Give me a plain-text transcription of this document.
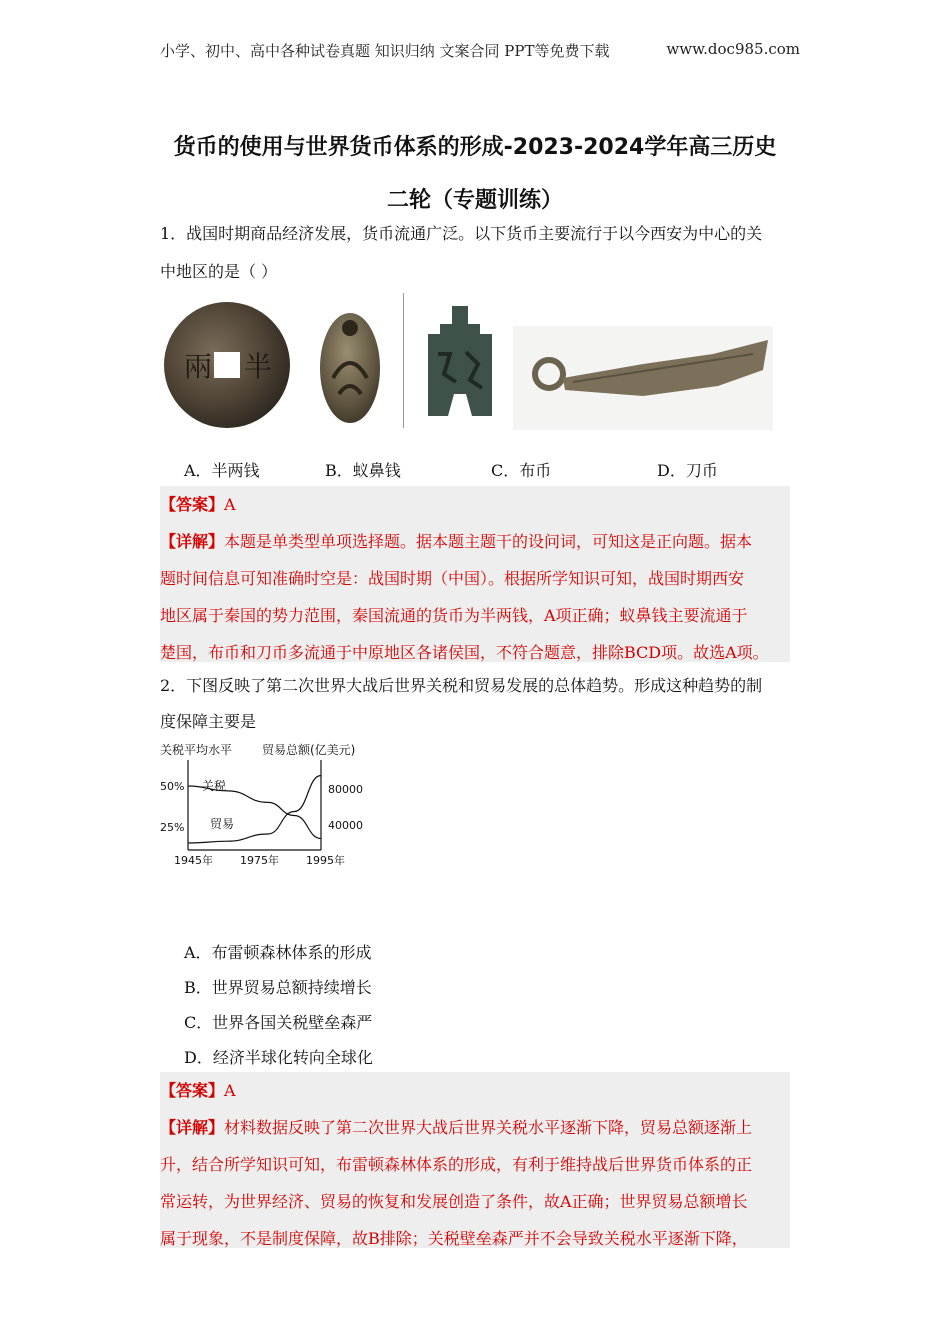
小学、初中、高中各种试卷真题 知识归纳 文案合同 PPT等免费下载	www.doc985.com
货币的使用与世界货币体系的形成-2023-2024学年高三历史
二轮（专题训练）
1．战国时期商品经济发展，货币流通广泛。以下货币主要流行于以今西安为中心的关
中地区的是（ ）
兩 半
A．半两钱	B．蚁鼻钱	C．布币	D．刀币
【答案】A
【详解】本题是单类型单项选择题。据本题主题干的设问词，可知这是正向题。据本
题时间信息可知准确时空是：战国时期（中国）。根据所学知识可知，战国时期西安
地区属于秦国的势力范围，秦国流通的货币为半两钱，A项正确；蚁鼻钱主要流通于
楚国，布币和刀币多流通于中原地区各诸侯国，不符合题意，排除BCD项。故选A项。
2．下图反映了第二次世界大战后世界关税和贸易发展的总体趋势。形成这种趋势的制
度保障主要是
关税平均水平 贸易总额(亿美元)
50%
25%
80000
40000
1945年 1975年 1995年
关税
贸易
A．布雷顿森林体系的形成
B．世界贸易总额持续增长
C．世界各国关税壁垒森严
D．经济半球化转向全球化
【答案】A
【详解】材料数据反映了第二次世界大战后世界关税水平逐渐下降，贸易总额逐渐上
升，结合所学知识可知，布雷顿森林体系的形成，有利于维持战后世界货币体系的正
常运转，为世界经济、贸易的恢复和发展创造了条件，故A正确；世界贸易总额增长
属于现象，不是制度保障，故B排除；关税壁垒森严并不会导致关税水平逐渐下降，
